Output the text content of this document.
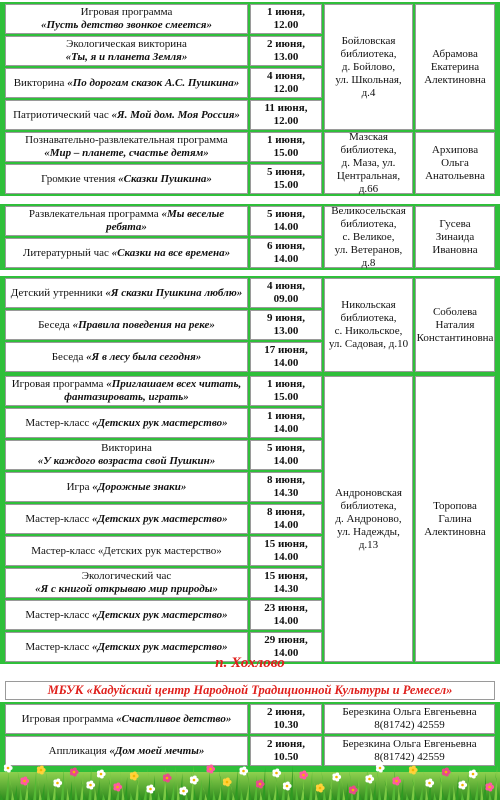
Игровая программа
«Пусть детство звонкое смеется»
1 июня,
12.00
Экологическая викторина
«Ты, я и планета Земля»
2 июня,
13.00
Викторина «По дорогам сказок А.С. Пушкина»
4 июня,
12.00
Патриотический час «Я. Мой дом. Моя Россия»
11 июня,
12.00
Бойловская
библиотека,
д. Бойлово,
ул. Школьная, д.4
Абрамова
Екатерина
Алектиновна
Познавательно-развлекательная программа
«Мир – планете, счастье детям»
1 июня,
15.00
Громкие чтения «Сказки Пушкина»
5 июня,
15.00
Мазская
библиотека,
д. Маза, ул.
Центральная, д.66
Архипова Ольга
Анатольевна
Развлекательная программа «Мы веселые ребята»
5 июня,
14.00
Литературный час «Сказки на все времена»
6 июня,
14.00
Великосельская
библиотека,
с. Великое,
ул. Ветеранов, д.8
Гусева
Зинаида
Ивановна
Детский утренники «Я сказки Пушкина люблю»
4 июня,
09.00
Беседа «Правила поведения на реке»
9 июня,
13.00
Беседа «Я в лесу была сегодня»
17 июня,
14.00
Никольская
библиотека,
с. Никольское,
ул. Садовая, д.10
Соболева
Наталия
Константиновна
Игровая программа «Приглашаем всех читать, фантазировать, играть»
1 июня,
15.00
Мастер-класс «Детских рук мастерство»
1 июня,
14.00
Викторина
«У каждого возраста свой Пушкин»
5 июня,
14.00
Игра «Дорожные знаки»
8 июня,
14.30
Мастер-класс «Детских рук мастерство»
8 июня,
14.00
Мастер-класс «Детских рук мастерство»
15 июня,
14.00
Экологический час
«Я с книгой открываю мир природы»
15 июня,
14.30
Мастер-класс «Детских рук мастерство»
23 июня,
14.00
Мастер-класс «Детских рук мастерство»
29 июня,
14.00
Андроновская
библиотека,
д. Андроново,
ул. Надежды, д.13
Торопова
Галина
Алектиновна
п. Хохлово
МБУК «Кадуйский центр Народной Традиционной Культуры и Ремесел»
Игровая программа «Счастливое детство»
2 июня,
10.30
Березкина Ольга Евгеньевна
8(81742) 42559
Аппликация «Дом моей мечты»
2 июня,
10.50
Березкина Ольга Евгеньевна
8(81742) 42559
